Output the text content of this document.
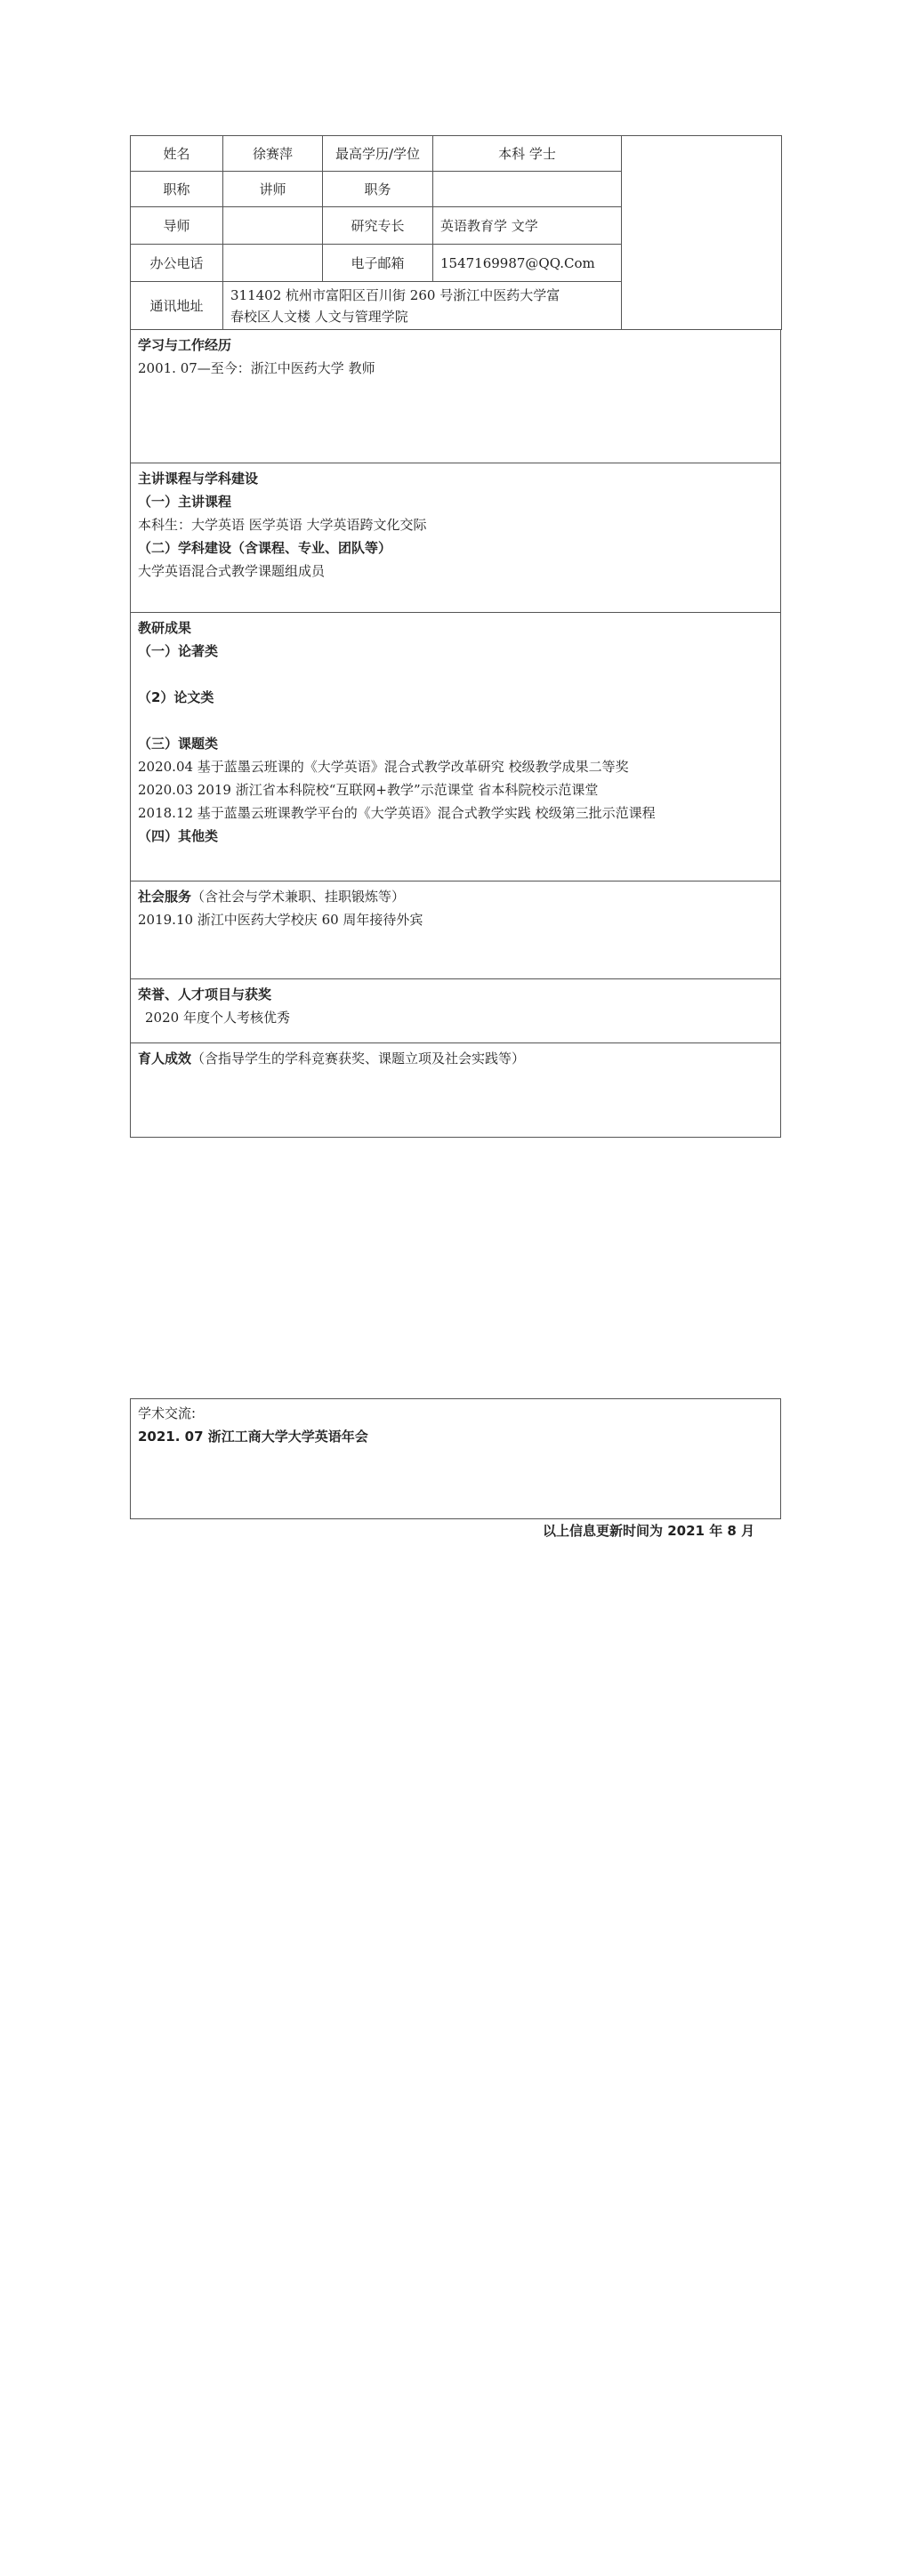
姓名	徐赛萍	最高学历/学位	本科 学士	
职称	讲师	职务		
导师		研究专长	英语教育学 文学	
办公电话		电子邮箱	1547169987@QQ.Com	
通讯地址	311402 杭州市富阳区百川街 260 号浙江中医药大学富
春校区人文楼 人文与管理学院			
学习与工作经历
2001. 07—至今：浙江中医药大学 教师
主讲课程与学科建设
（一）主讲课程
本科生：大学英语 医学英语 大学英语跨文化交际
（二）学科建设（含课程、专业、团队等）
大学英语混合式教学课题组成员
教研成果
（一）论著类
（2）论文类
（三）课题类
2020.04 基于蓝墨云班课的《大学英语》混合式教学改革研究 校级教学成果二等奖
2020.03 2019 浙江省本科院校“互联网+教学”示范课堂 省本科院校示范课堂
2018.12 基于蓝墨云班课教学平台的《大学英语》混合式教学实践 校级第三批示范课程
（四）其他类
社会服务（含社会与学术兼职、挂职锻炼等）
2019.10 浙江中医药大学校庆 60 周年接待外宾
荣誉、人才项目与获奖
2020 年度个人考核优秀
育人成效（含指导学生的学科竞赛获奖、课题立项及社会实践等）
学术交流:
2021. 07 浙江工商大学大学英语年会
以上信息更新时间为 2021 年 8 月
